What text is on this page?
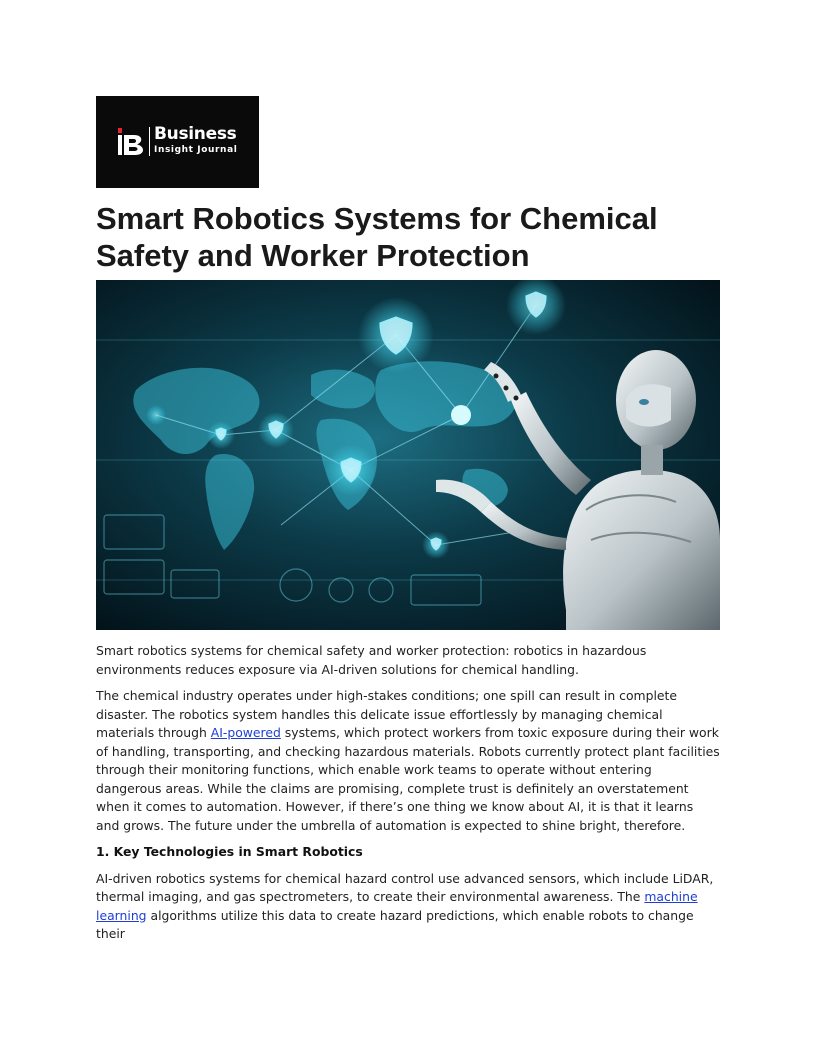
Business
Insight Journal
Smart Robotics Systems for Chemical Safety and Worker Protection

Smart robotics systems for chemical safety and worker protection: robotics in hazardous environments reduces exposure via AI-driven solutions for chemical handling.

The chemical industry operates under high-stakes conditions; one spill can result in complete disaster. The robotics system handles this delicate issue effortlessly by managing chemical materials through AI-powered systems, which protect workers from toxic exposure during their work of handling, transporting, and checking hazardous materials. Robots currently protect plant facilities through their monitoring functions, which enable work teams to operate without entering dangerous areas. While the claims are promising, complete trust is definitely an overstatement when it comes to automation. However, if there’s one thing we know about AI, it is that it learns and grows. The future under the umbrella of automation is expected to shine bright, therefore.

1. Key Technologies in Smart Robotics

AI-driven robotics systems for chemical hazard control use advanced sensors, which include LiDAR, thermal imaging, and gas spectrometers, to create their environmental awareness. The machine learning algorithms utilize this data to create hazard predictions, which enable robots to change their
